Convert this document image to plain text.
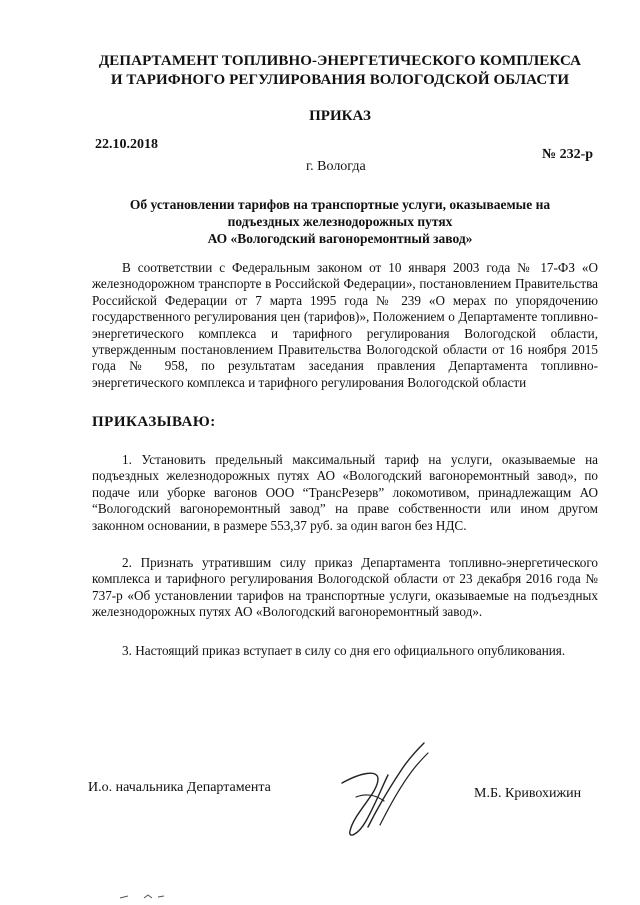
ДЕПАРТАМЕНТ ТОПЛИВНО-ЭНЕРГЕТИЧЕСКОГО КОМПЛЕКСА
И ТАРИФНОГО РЕГУЛИРОВАНИЯ ВОЛОГОДСКОЙ ОБЛАСТИ
ПРИКАЗ
22.10.2018
№ 232-р
г. Вологда
Об установлении тарифов на транспортные услуги, оказываемые на
подъездных железнодорожных путях
АО «Вологодский вагоноремонтный завод»
В соответствии с Федеральным законом от 10 января 2003 года № 17-ФЗ «О железнодорожном транспорте в Российской Федерации», постановлением Правительства Российской Федерации от 7 марта 1995 года № 239 «О мерах по упорядочению государственного регулирования цен (тарифов)», Положением о Департаменте топливно-энергетического комплекса и тарифного регулирования Вологодской области, утвержденным постановлением Правительства Вологодской области от 16 ноября 2015 года № 958, по результатам заседания правления Департамента топливно-энергетического комплекса и тарифного регулирования Вологодской области
ПРИКАЗЫВАЮ:
1. Установить предельный максимальный тариф на услуги, оказываемые на подъездных железнодорожных путях АО «Вологодский вагоноремонтный завод», по подаче или уборке вагонов ООО “ТрансРезерв” локомотивом, принадлежащим АО “Вологодский вагоноремонтный завод” на праве собственности или ином другом законном основании, в размере 553,37 руб. за один вагон без НДС.
2. Признать утратившим силу приказ Департамента топливно-энергетического комплекса и тарифного регулирования Вологодской области от 23 декабря 2016 года № 737-р «Об установлении тарифов на транспортные услуги, оказываемые на подъездных железнодорожных путях АО «Вологодский вагоноремонтный завод».
3. Настоящий приказ вступает в силу со дня его официального опубликования.
И.о. начальника Департамента	М.Б. Кривохижин
